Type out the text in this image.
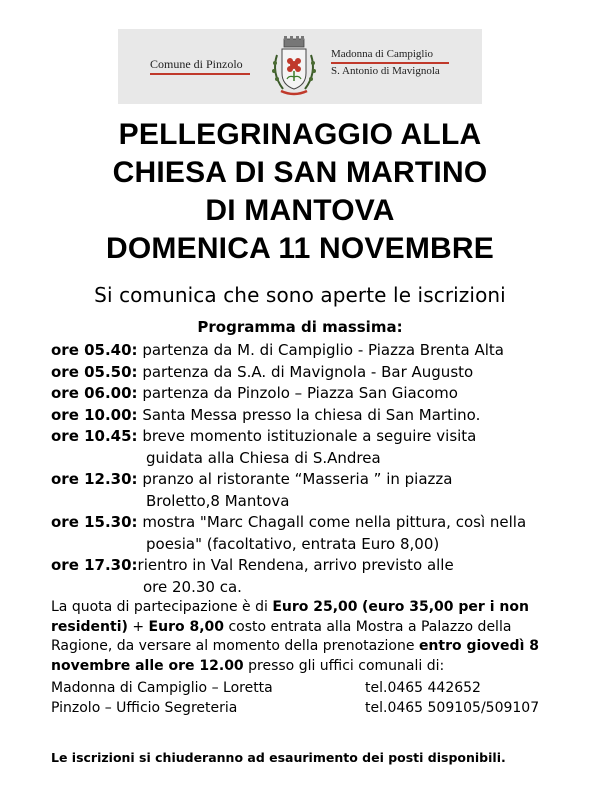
Comune di Pinzolo
Madonna di Campiglio
S. Antonio di Mavignola
PELLEGRINAGGIO ALLA
CHIESA DI SAN MARTINO
DI MANTOVA
DOMENICA 11 NOVEMBRE
Si comunica che sono aperte le iscrizioni
Programma di massima:
ore 05.40: partenza da M. di Campiglio - Piazza Brenta Alta
ore 05.50: partenza da S.A. di Mavignola - Bar Augusto
ore 06.00: partenza da Pinzolo – Piazza San Giacomo
ore 10.00: Santa Messa presso la chiesa di San Martino.
ore 10.45: breve momento istituzionale a seguire visita
guidata alla Chiesa di S.Andrea
ore 12.30: pranzo al ristorante “Masseria ” in piazza
Broletto,8 Mantova
ore 15.30: mostra "Marc Chagall come nella pittura, così nella
poesia" (facoltativo, entrata Euro 8,00)
ore 17.30:rientro in Val Rendena, arrivo previsto alle
ore 20.30 ca.
La quota di partecipazione è di Euro 25,00 (euro 35,00 per i non residenti) + Euro 8,00 costo entrata alla Mostra a Palazzo della Ragione, da versare al momento della prenotazione entro giovedì 8 novembre alle ore 12.00 presso gli uffici comunali di:
Madonna di Campiglio – Loretta	tel.0465 442652
Pinzolo – Ufficio Segreteria	tel.0465 509105/509107
Le iscrizioni si chiuderanno ad esaurimento dei posti disponibili.
